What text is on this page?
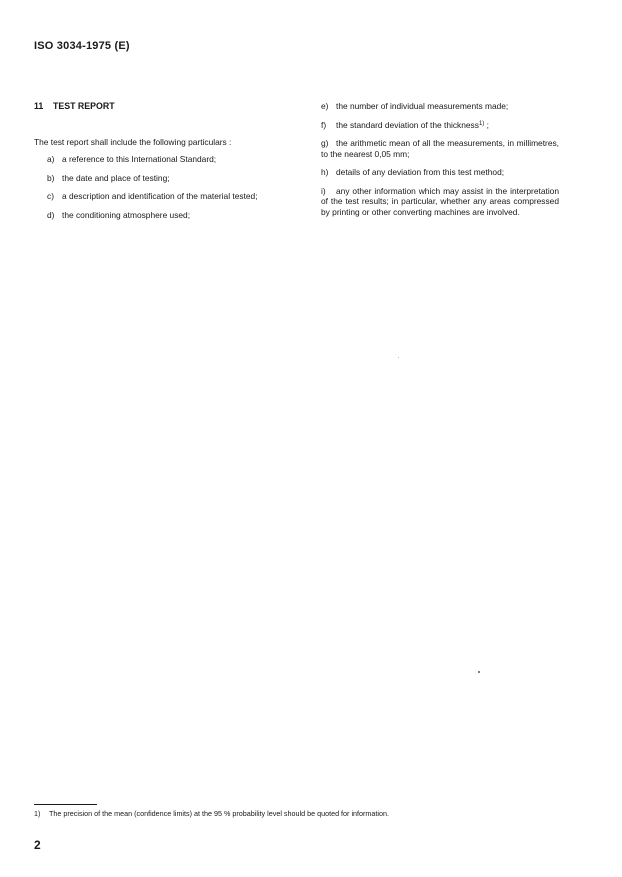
ISO 3034-1975 (E)
11 TEST REPORT

The test report shall include the following particulars :

a) a reference to this International Standard;

b) the date and place of testing;

c) a description and identification of the material tested;

d) the conditioning atmosphere used;

e) the number of individual measurements made;

f) the standard deviation of the thickness$^{1)}$ ;

g) the arithmetic mean of all the measurements, in millimetres, to the nearest 0,05 mm;

h) details of any deviation from this test method;

i) any other information which may assist in the interpretation of the test results; in particular, whether any areas compressed by printing or other converting machines are involved.

1) The precision of the mean (confidence limits) at the 95 % probability level should be quoted for information.
2
